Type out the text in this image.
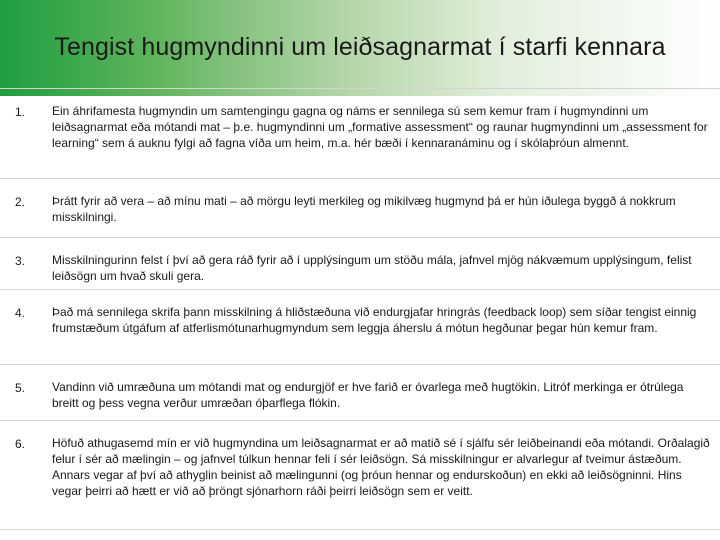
Tengist hugmyndinni um leiðsagnarmat í starfi kennara
1. Ein áhrifamesta hugmyndin um samtengingu gagna og náms er sennilega sú sem kemur fram í hugmyndinni um leiðsagnarmat eða mótandi mat – þ.e. hugmyndinni um „formative assessment“ og raunar hugmyndinni um „assessment for learning“ sem á auknu fylgi að fagna víða um heim, m.a. hér bæði í kennaranáminu og í skólaþróun almennt.
2. Þrátt fyrir að vera – að mínu mati – að mörgu leyti merkileg og mikilvæg hugmynd þá er hún iðulega byggð á nokkrum misskilningi.
3. Misskilningurinn felst í því að gera ráð fyrir að í upplýsingum um stöðu mála, jafnvel mjög nákvæmum upplýsingum, felist leiðsögn um hvað skuli gera.
4. Það má sennilega skrifa þann misskilning á hliðstæðuna við endurgjafar hringrás (feedback loop) sem síðar tengist einnig frumstæðum útgáfum af atferlismótunarhugmyndum sem leggja áherslu á mótun hegðunar þegar hún kemur fram.
5. Vandinn við umræðuna um mótandi mat og endurgjöf er hve farið er óvarlega með hugtökin. Litróf merkinga er ótrúlega breitt og þess vegna verður umræðan óþarflega flókin.
6. Höfuð athugasemd mín er við hugmyndina um leiðsagnarmat er að matið sé í sjálfu sér leiðbeinandi eða mótandi. Orðalagið felur í sér að mælingin – og jafnvel túlkun hennar feli í sér leiðsögn. Sá misskilningur er alvarlegur af tveimur ástæðum. Annars vegar af því að athyglin beinist að mælingunni (og þróun hennar og endurskoðun) en ekki að leiðsögninni. Hins vegar þeirri að hætt er við að þröngt sjónarhorn ráði þeirri leiðsögn sem er veitt.
